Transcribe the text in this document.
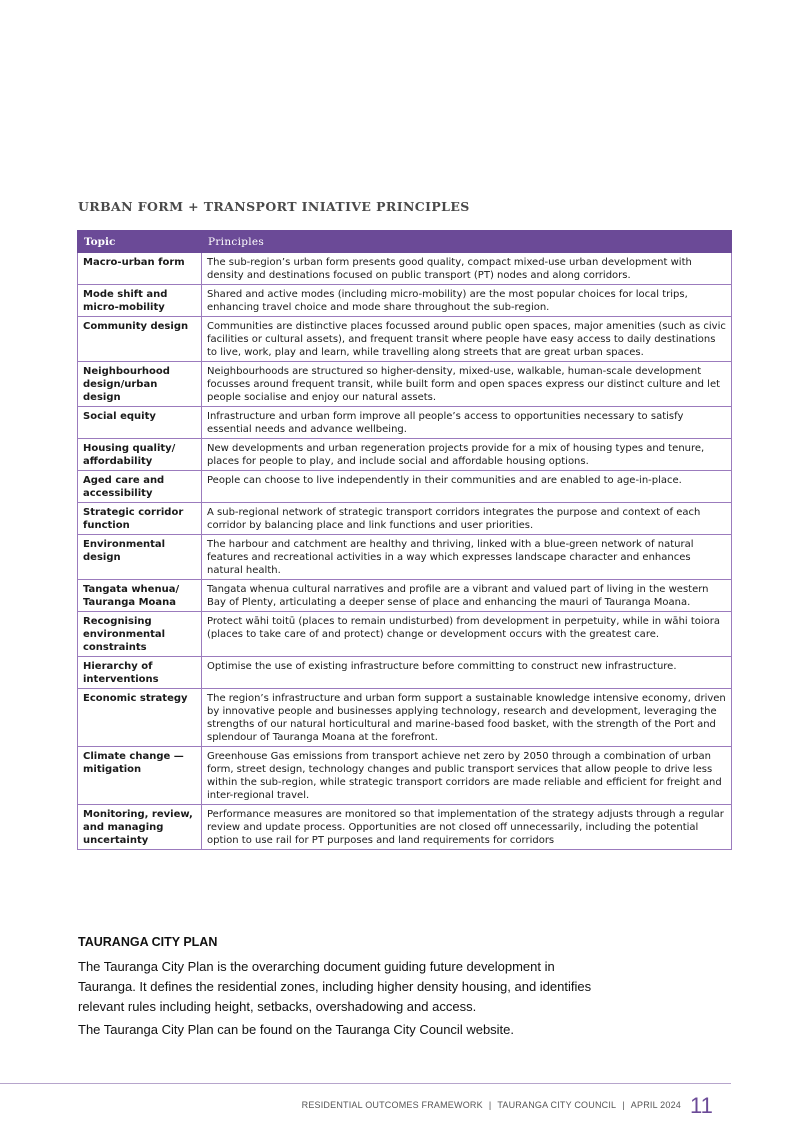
URBAN FORM + TRANSPORT INIATIVE PRINCIPLES
Topic	Principles
Macro-urban form	The sub-region’s urban form presents good quality, compact mixed-use urban development with density and destinations focused on public transport (PT) nodes and along corridors.
Mode shift and micro-mobility	Shared and active modes (including micro-mobility) are the most popular choices for local trips, enhancing travel choice and mode share throughout the sub-region.
Community design	Communities are distinctive places focussed around public open spaces, major amenities (such as civic facilities or cultural assets), and frequent transit where people have easy access to daily destinations to live, work, play and learn, while travelling along streets that are great urban spaces.
Neighbourhood design/urban design	Neighbourhoods are structured so higher-density, mixed-use, walkable, human-scale development focusses around frequent transit, while built form and open spaces express our distinct culture and let people socialise and enjoy our natural assets.
Social equity	Infrastructure and urban form improve all people’s access to opportunities necessary to satisfy essential needs and advance wellbeing.
Housing quality/ affordability	New developments and urban regeneration projects provide for a mix of housing types and tenure, places for people to play, and include social and affordable housing options.
Aged care and accessibility	People can choose to live independently in their communities and are enabled to age-in-place.
Strategic corridor function	A sub-regional network of strategic transport corridors integrates the purpose and context of each corridor by balancing place and link functions and user priorities.
Environmental design	The harbour and catchment are healthy and thriving, linked with a blue-green network of natural features and recreational activities in a way which expresses landscape character and enhances natural health.
Tangata whenua/ Tauranga Moana	Tangata whenua cultural narratives and profile are a vibrant and valued part of living in the western Bay of Plenty, articulating a deeper sense of place and enhancing the mauri of Tauranga Moana.
Recognising environmental constraints	Protect wāhi toitū (places to remain undisturbed) from development in perpetuity, while in wāhi toiora (places to take care of and protect) change or development occurs with the greatest care.
Hierarchy of interventions	Optimise the use of existing infrastructure before committing to construct new infrastructure.
Economic strategy	The region’s infrastructure and urban form support a sustainable knowledge intensive economy, driven by innovative people and businesses applying technology, research and development, leveraging the strengths of our natural horticultural and marine-based food basket, with the strength of the Port and splendour of Tauranga Moana at the forefront.
Climate change — mitigation	Greenhouse Gas emissions from transport achieve net zero by 2050 through a combination of urban form, street design, technology changes and public transport services that allow people to drive less within the sub-region, while strategic transport corridors are made reliable and efficient for freight and inter-regional travel.
Monitoring, review, and managing uncertainty	Performance measures are monitored so that implementation of the strategy adjusts through a regular review and update process. Opportunities are not closed off unnecessarily, including the potential option to use rail for PT purposes and land requirements for corridors

TAURANGA CITY PLAN

The Tauranga City Plan is the overarching document guiding future development in Tauranga. It defines the residential zones, including higher density housing, and identifies relevant rules including height, setbacks, overshadowing and access.

The Tauranga City Plan can be found on the Tauranga City Council website.

RESIDENTIAL OUTCOMES FRAMEWORK | TAURANGA CITY COUNCIL | APRIL 2024 11
